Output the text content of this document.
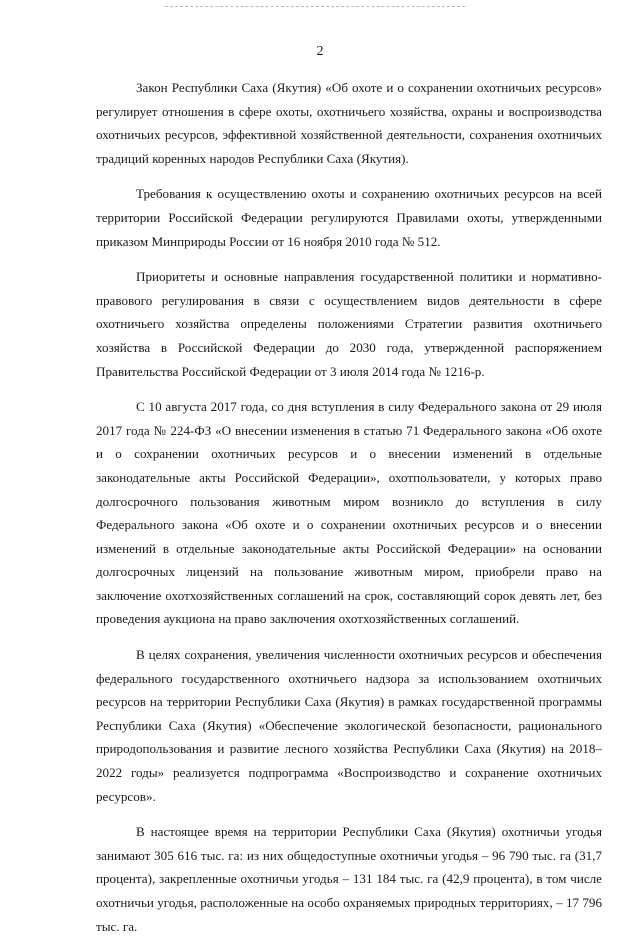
2

Закон Республики Саха (Якутия) «Об охоте и о сохранении охотничьих ресурсов» регулирует отношения в сфере охоты, охотничьего хозяйства, охраны и воспроизводства охотничьих ресурсов, эффективной хозяйственной деятельности, сохранения охотничьих традиций коренных народов Республики Саха (Якутия).

Требования к осуществлению охоты и сохранению охотничьих ресурсов на всей территории Российской Федерации регулируются Правилами охоты, утвержденными приказом Минприроды России от 16 ноября 2010 года № 512.

Приоритеты и основные направления государственной политики и нормативно-правового регулирования в связи с осуществлением видов деятельности в сфере охотничьего хозяйства определены положениями Стратегии развития охотничьего хозяйства в Российской Федерации до 2030 года, утвержденной распоряжением Правительства Российской Федерации от 3 июля 2014 года № 1216-р.

С 10 августа 2017 года, со дня вступления в силу Федерального закона от 29 июля 2017 года № 224-ФЗ «О внесении изменения в статью 71 Федерального закона «Об охоте и о сохранении охотничьих ресурсов и о внесении изменений в отдельные законодательные акты Российской Федерации», охотпользователи, у которых право долгосрочного пользования животным миром возникло до вступления в силу Федерального закона «Об охоте и о сохранении охотничьих ресурсов и о внесении изменений в отдельные законодательные акты Российской Федерации» на основании долгосрочных лицензий на пользование животным миром, приобрели право на заключение охотхозяйственных соглашений на срок, составляющий сорок девять лет, без проведения аукциона на право заключения охотхозяйственных соглашений.

В целях сохранения, увеличения численности охотничьих ресурсов и обеспечения федерального государственного охотничьего надзора за использованием охотничьих ресурсов на территории Республики Саха (Якутия) в рамках государственной программы Республики Саха (Якутия) «Обеспечение экологической безопасности, рационального природопользования и развитие лесного хозяйства Республики Саха (Якутия) на 2018–2022 годы» реализуется подпрограмма «Воспроизводство и сохранение охотничьих ресурсов».

В настоящее время на территории Республики Саха (Якутия) охотничьи угодья занимают 305 616 тыс. га: из них общедоступные охотничьи угодья – 96 790 тыс. га (31,7 процента), закрепленные охотничьи угодья – 131 184 тыс. га (42,9 процента), в том числе охотничьи угодья, расположенные на особо охраняемых природных территориях, – 17 796 тыс. га.
